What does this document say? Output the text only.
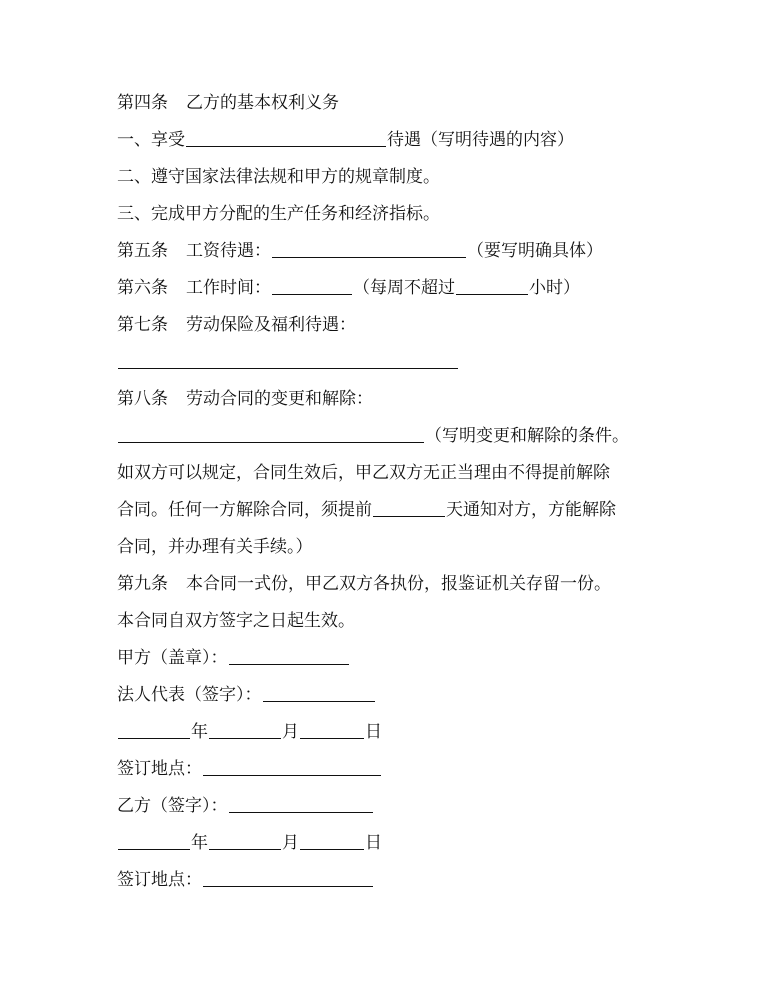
第四条 乙方的基本权利义务
一、享受	待遇（写明待遇的内容）
二、遵守国家法律法规和甲方的规章制度。
三、完成甲方分配的生产任务和经济指标。
第五条 工资待遇：	（要写明确具体）
第六条 工作时间：	（每周不超过	小时）
第七条 劳动保险及福利待遇：
第八条 劳动合同的变更和解除：
（写明变更和解除的条件。
如双方可以规定，合同生效后，甲乙双方无正当理由不得提前解除
合同。任何一方解除合同，须提前	天通知对方，方能解除
合同，并办理有关手续。）
第九条 本合同一式份，甲乙双方各执份，报鉴证机关存留一份。
本合同自双方签字之日起生效。
甲方（盖章）：
法人代表（签字）：
年	月	日
签订地点：
乙方（签字）：
年	月	日
签订地点：
